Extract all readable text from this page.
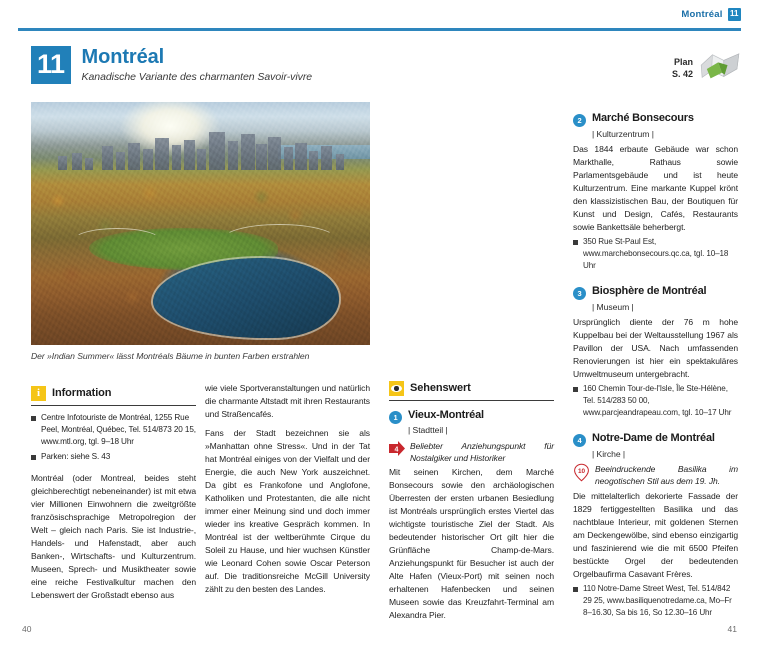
Montréal 11
11 Montréal
Kanadische Variante des charmanten Savoir-vivre
Plan
S. 42
Der »Indian Summer« lässt Montréals Bäume in bunten Farben erstrahlen
i Information
Centre Infotouriste de Montréal, 1255 Rue Peel, Montréal, Québec, Tel. 514/873 20 15, www.mtl.org, tgl. 9–18 Uhr
Parken: siehe S. 43

Montréal (oder Montreal, beides steht gleichberechtigt nebeneinander) ist mit etwa vier Millionen Einwohnern die zweitgrößte französischsprachige Metropolregion der Welt – gleich nach Paris. Sie ist Industrie-, Handels- und Hafenstadt, aber auch Banken-, Wirtschafts- und Kulturzentrum. Museen, Sprech- und Musiktheater sowie eine reiche Festivalkultur machen den Lebenswert der Großstadt ebenso aus

wie viele Sportveranstaltungen und natürlich die charmante Altstadt mit ihren Restaurants und Straßencafés.

Fans der Stadt bezeichnen sie als »Manhattan ohne Stress«. Und in der Tat hat Montréal einiges von der Vielfalt und der Energie, die auch New York auszeichnet. Da gibt es Frankofone und Anglofone, Katholiken und Protestanten, die alle nicht immer einer Meinung sind und doch immer wieder ins kreative Gespräch kommen. In Montréal ist der weltberühmte Cirque du Soleil zu Hause, und hier wuchsen Künstler wie Leonard Cohen sowie Oscar Peterson auf. Die traditionsreiche McGill University zählt zu den besten des Landes.

Sehenswert
1 Vieux-Montréal
| Stadtteil |
4 Beliebter Anziehungspunkt für Nostalgiker und Historiker
Mit seinen Kirchen, dem Marché Bonsecours sowie den archäologischen Überresten der ersten urbanen Besiedlung ist Montréals ursprünglich erstes Viertel das wichtigste touristische Ziel der Stadt. Als bedeutender historischer Ort gilt hier die Grünfläche Champ-de-Mars. Anziehungspunkt für Besucher ist auch der Alte Hafen (Vieux-Port) mit seinen noch erhaltenen Hafenbecken und seinen Museen sowie das Kreuzfahrt-Terminal am Alexandra Pier.
2 Marché Bonsecours
| Kulturzentrum |
Das 1844 erbaute Gebäude war schon Markthalle, Rathaus sowie Parlamentsgebäude und ist heute Kulturzentrum. Eine markante Kuppel krönt den klassizistischen Bau, der Boutiquen für Kunst und Design, Cafés, Restaurants sowie Bankettsäle beherbergt.
350 Rue St-Paul Est, www.marchebonsecours.qc.ca, tgl. 10–18 Uhr
3 Biosphère de Montréal
| Museum |
Ursprünglich diente der 76 m hohe Kuppelbau bei der Weltausstellung 1967 als Pavillon der USA. Nach umfassenden Renovierungen ist hier ein spektakuläres Umweltmuseum untergebracht.
160 Chemin Tour-de-l'Isle, Île Ste-Hélène, Tel. 514/283 50 00, www.parcjeandrapeau.com, tgl. 10–17 Uhr
4 Notre-Dame de Montréal
| Kirche |
10 Beeindruckende Basilika im neogotischen Stil aus dem 19. Jh.
Die mittelalterlich dekorierte Fassade der 1829 fertiggestellten Basilika und das nachtblaue Interieur, mit goldenen Sternen am Deckengewölbe, sind ebenso einzigartig und faszinierend wie die mit 6500 Pfeifen bestückte Orgel der bedeutenden Orgelbaufirma Casavant Frères.
110 Notre-Dame Street West, Tel. 514/842 29 25, www.basiliquenotredame.ca, Mo–Fr 8–16.30, Sa bis 16, So 12.30–16 Uhr
40	41
